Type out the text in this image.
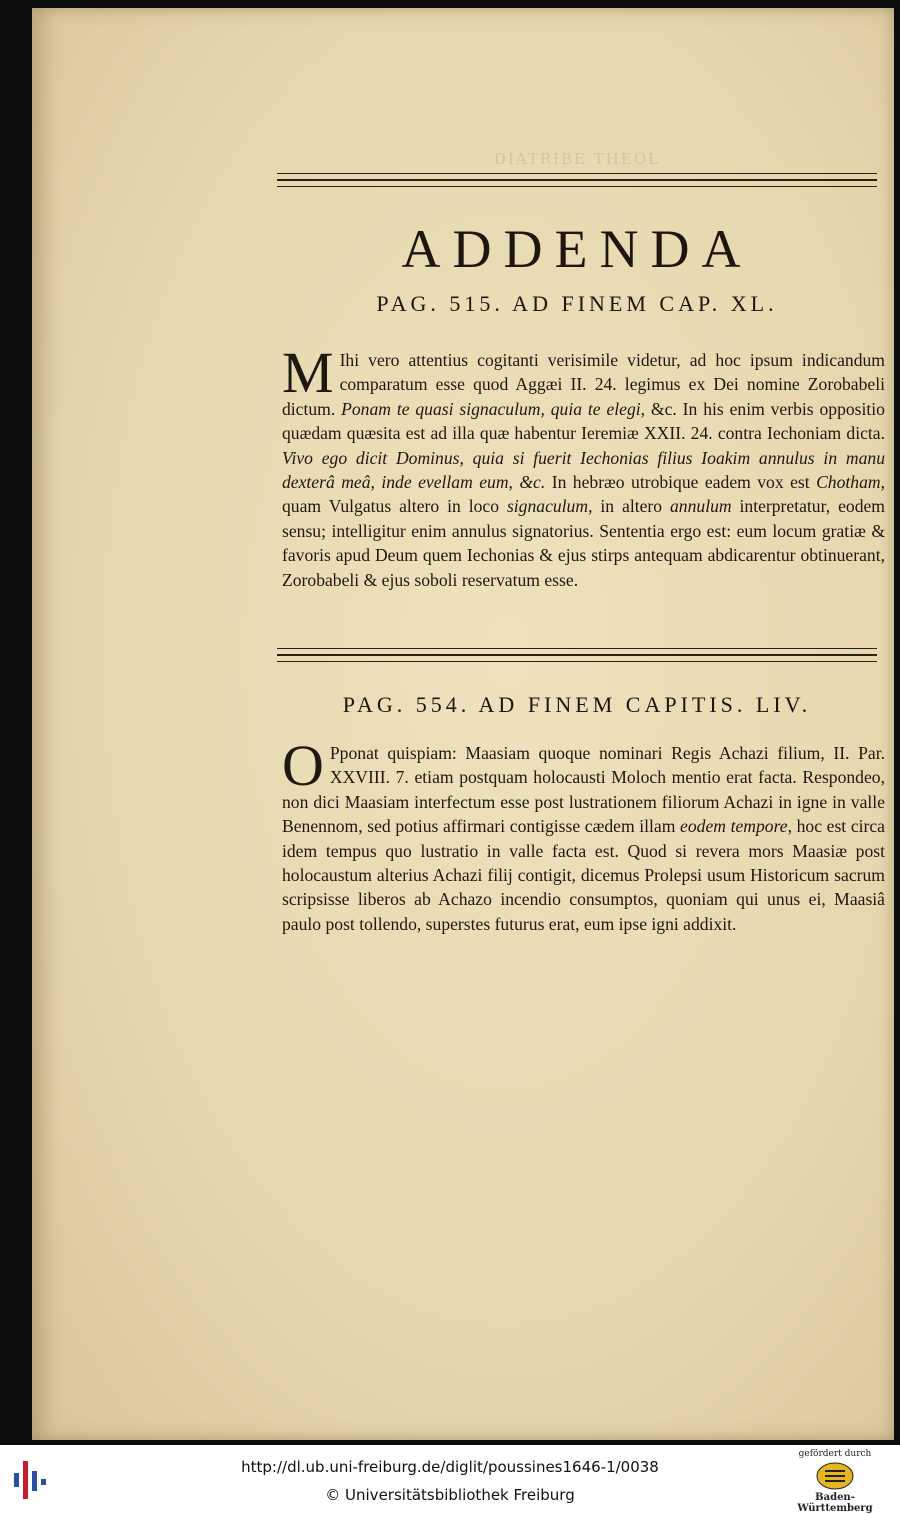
DIATRIBE THEOL
ADDENDA
PAG. 515. AD FINEM CAP. XL.
M Ihi vero attentius cogitanti verisimile videtur, ad hoc ipsum indicandum comparatum esse quod Aggæi II. 24. legimus ex Dei nomine Zorobabeli dictum. Ponam te quasi signaculum, quia te elegi, &c. In his enim verbis oppositio quædam quæsita est ad illa quæ habentur Ieremiæ XXII. 24. contra Iechoniam dicta. Vivo ego dicit Dominus, quia si fuerit Iechonias filius Ioakim annulus in manu dexterâ meâ, inde evellam eum, &c. In hebræo utrobique eadem vox est Chotham, quam Vulgatus altero in loco signaculum, in altero annulum interpretatur, eodem sensu; intelligitur enim annulus signatorius. Sententia ergo est: eum locum gratiæ & favoris apud Deum quem Iechonias & ejus stirps antequam abdicarentur obtinuerant, Zorobabeli & ejus soboli reservatum esse.
PAG. 554. AD FINEM CAPITIS. LIV.
O Pponat quispiam: Maasiam quoque nominari Regis Achazi filium, II. Par. XXVIII. 7. etiam postquam holocausti Moloch mentio erat facta. Respondeo, non dici Maasiam interfectum esse post lustrationem filiorum Achazi in igne in valle Benennom, sed potius affirmari contigisse cædem illam eodem tempore, hoc est circa idem tempus quo lustratio in valle facta est. Quod si revera mors Maasiæ post holocaustum alterius Achazi filij contigit, dicemus Prolepsi usum Historicum sacrum scripsisse liberos ab Achazo incendio consumptos, quoniam qui unus ei, Maasiâ paulo post tollendo, superstes futurus erat, eum ipse igni addixit.
http://dl.ub.uni-freiburg.de/diglit/poussines1646-1/0038
© Universitätsbibliothek Freiburg
gefördert durch
Baden-Württemberg
